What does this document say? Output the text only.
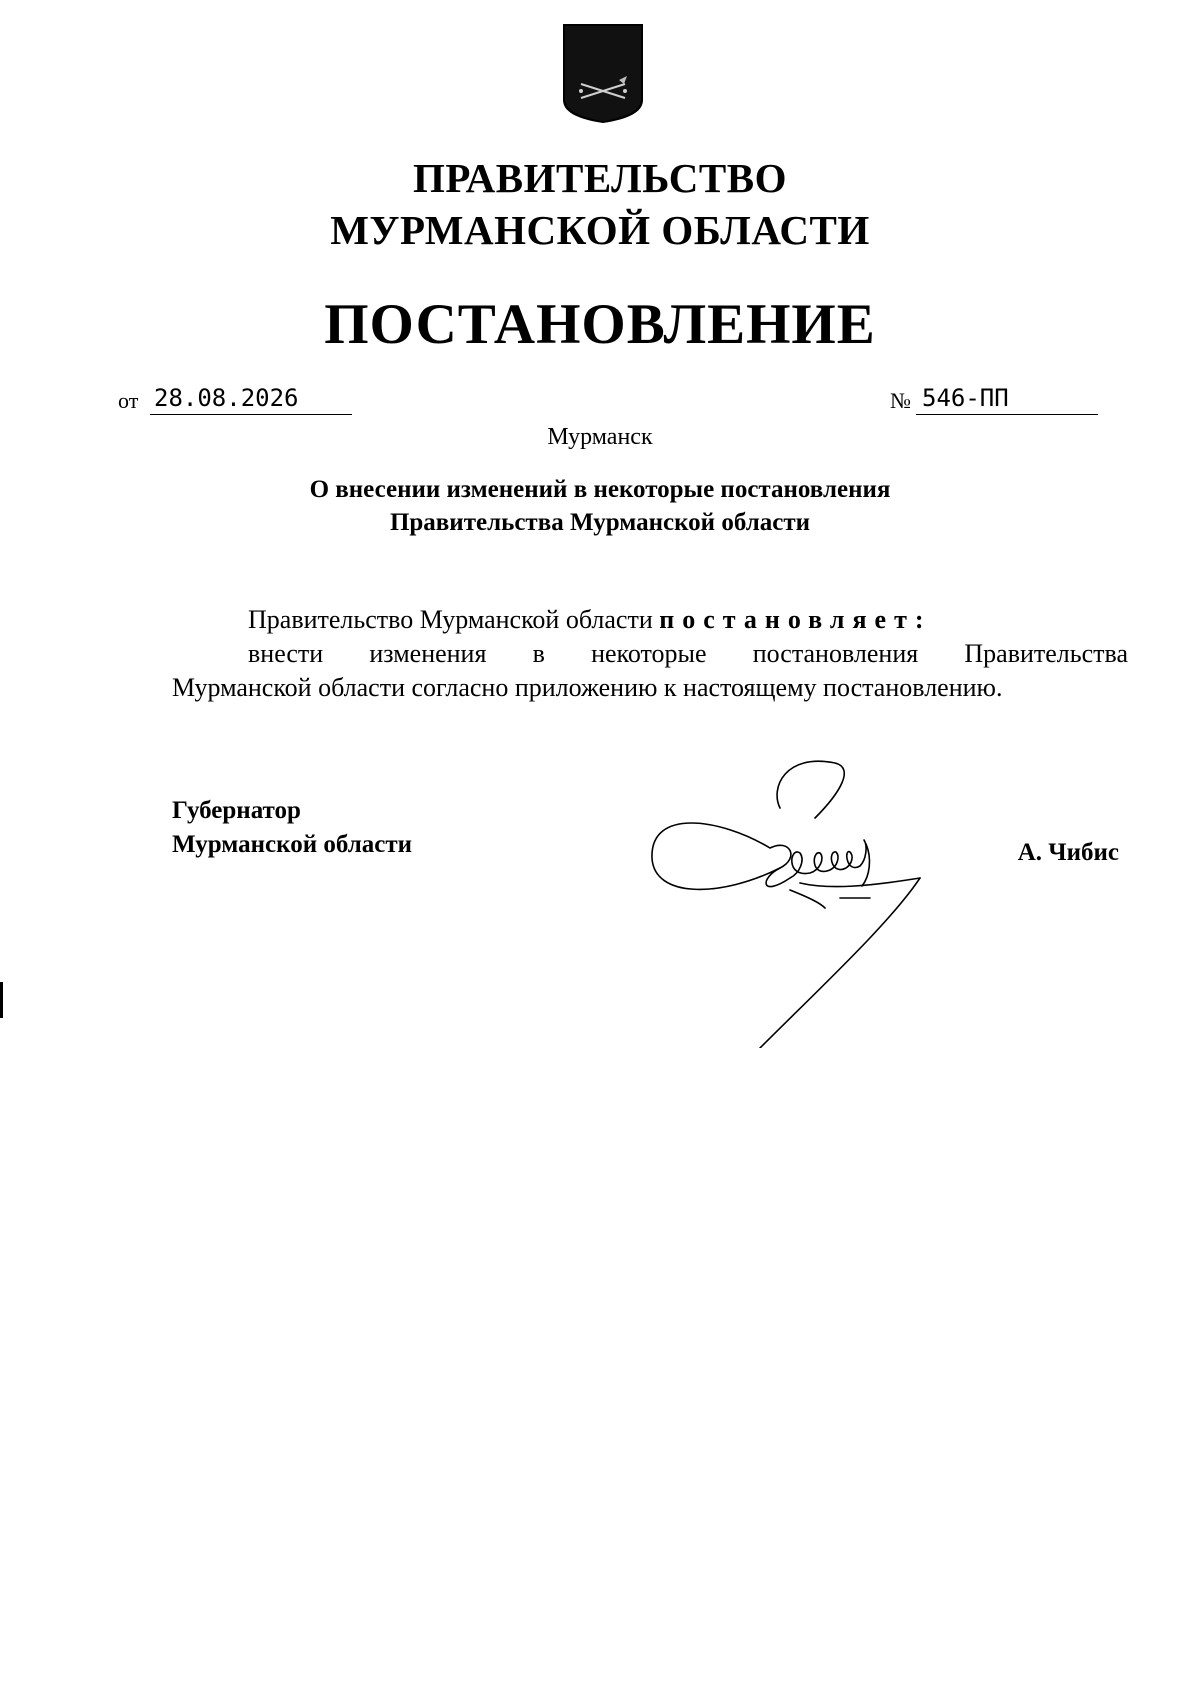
ПРАВИТЕЛЬСТВО
МУРМАНСКОЙ ОБЛАСТИ
ПОСТАНОВЛЕНИЕ
от 28.08.2026	№ 546-ПП
Мурманск
О внесении изменений в некоторые постановления
Правительства Мурманской области

Правительство Мурманской области постановляет:

внести изменения в некоторые постановления Правительства

Мурманской области согласно приложению к настоящему постановлению.

Губернатор
Мурманской области	А. Чибис
